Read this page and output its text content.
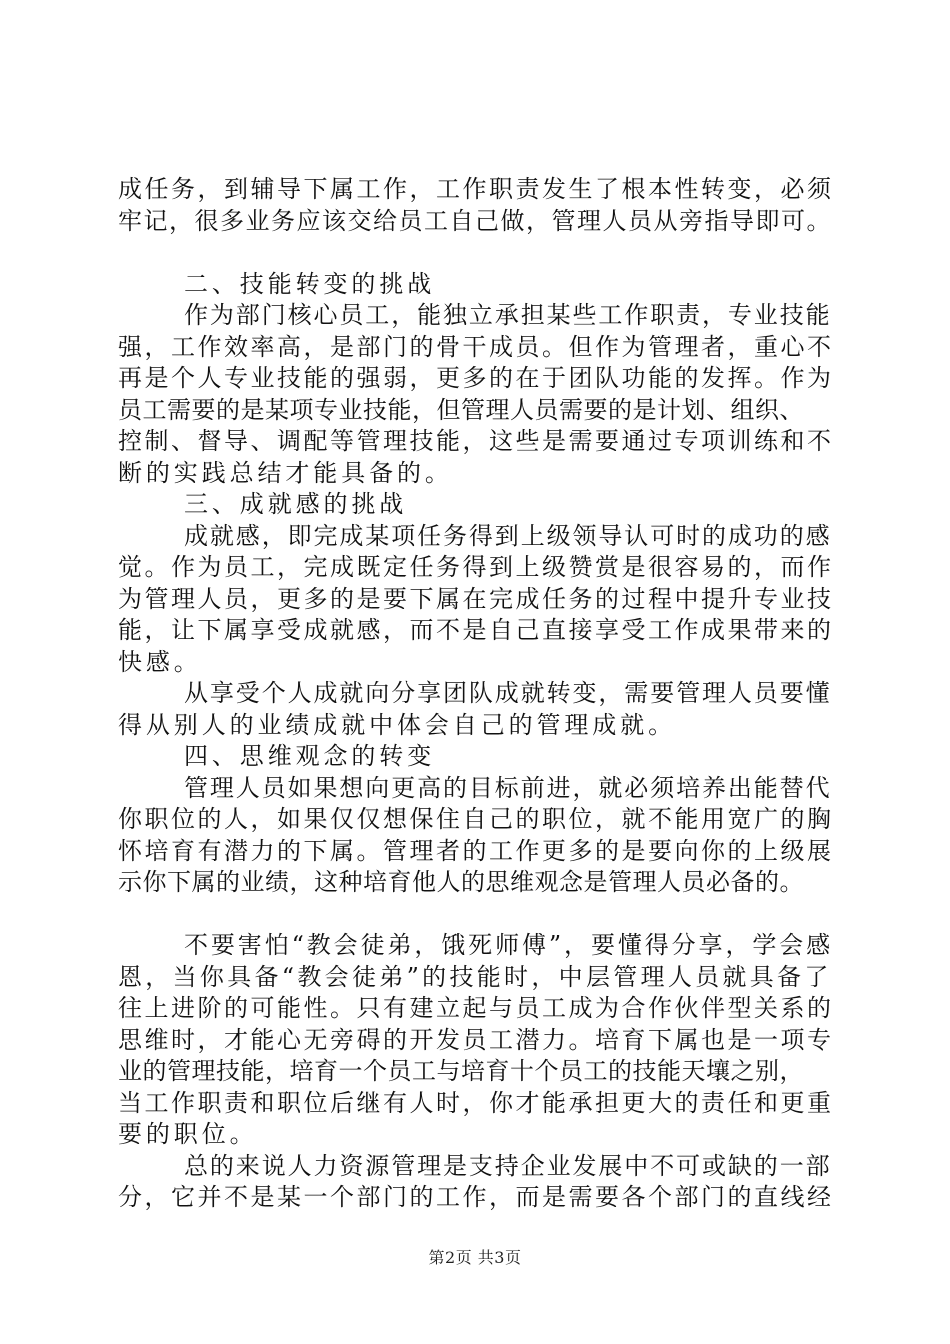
成任务，到辅导下属工作，工作职责发生了根本性转变，必须
牢记，很多业务应该交给员工自己做，管理人员从旁指导即可。
二、技能转变的挑战
作为部门核心员工，能独立承担某些工作职责，专业技能
强，工作效率高，是部门的骨干成员。但作为管理者，重心不
再是个人专业技能的强弱，更多的在于团队功能的发挥。作为
员工需要的是某项专业技能，但管理人员需要的是计划、组织、
控制、督导、调配等管理技能，这些是需要通过专项训练和不
断的实践总结才能具备的。
三、成就感的挑战
成就感，即完成某项任务得到上级领导认可时的成功的感
觉。作为员工，完成既定任务得到上级赞赏是很容易的，而作
为管理人员，更多的是要下属在完成任务的过程中提升专业技
能，让下属享受成就感，而不是自己直接享受工作成果带来的
快感。
从享受个人成就向分享团队成就转变，需要管理人员要懂
得从别人的业绩成就中体会自己的管理成就。
四、思维观念的转变
管理人员如果想向更高的目标前进，就必须培养出能替代
你职位的人，如果仅仅想保住自己的职位，就不能用宽广的胸
怀培育有潜力的下属。管理者的工作更多的是要向你的上级展
示你下属的业绩，这种培育他人的思维观念是管理人员必备的。
不要害怕“教会徒弟，饿死师傅”，要懂得分享，学会感
恩，当你具备“教会徒弟”的技能时，中层管理人员就具备了
往上进阶的可能性。只有建立起与员工成为合作伙伴型关系的
思维时，才能心无旁碍的开发员工潜力。培育下属也是一项专
业的管理技能，培育一个员工与培育十个员工的技能天壤之别，
当工作职责和职位后继有人时，你才能承担更大的责任和更重
要的职位。
总的来说人力资源管理是支持企业发展中不可或缺的一部
分，它并不是某一个部门的工作，而是需要各个部门的直线经
第2页 共3页
